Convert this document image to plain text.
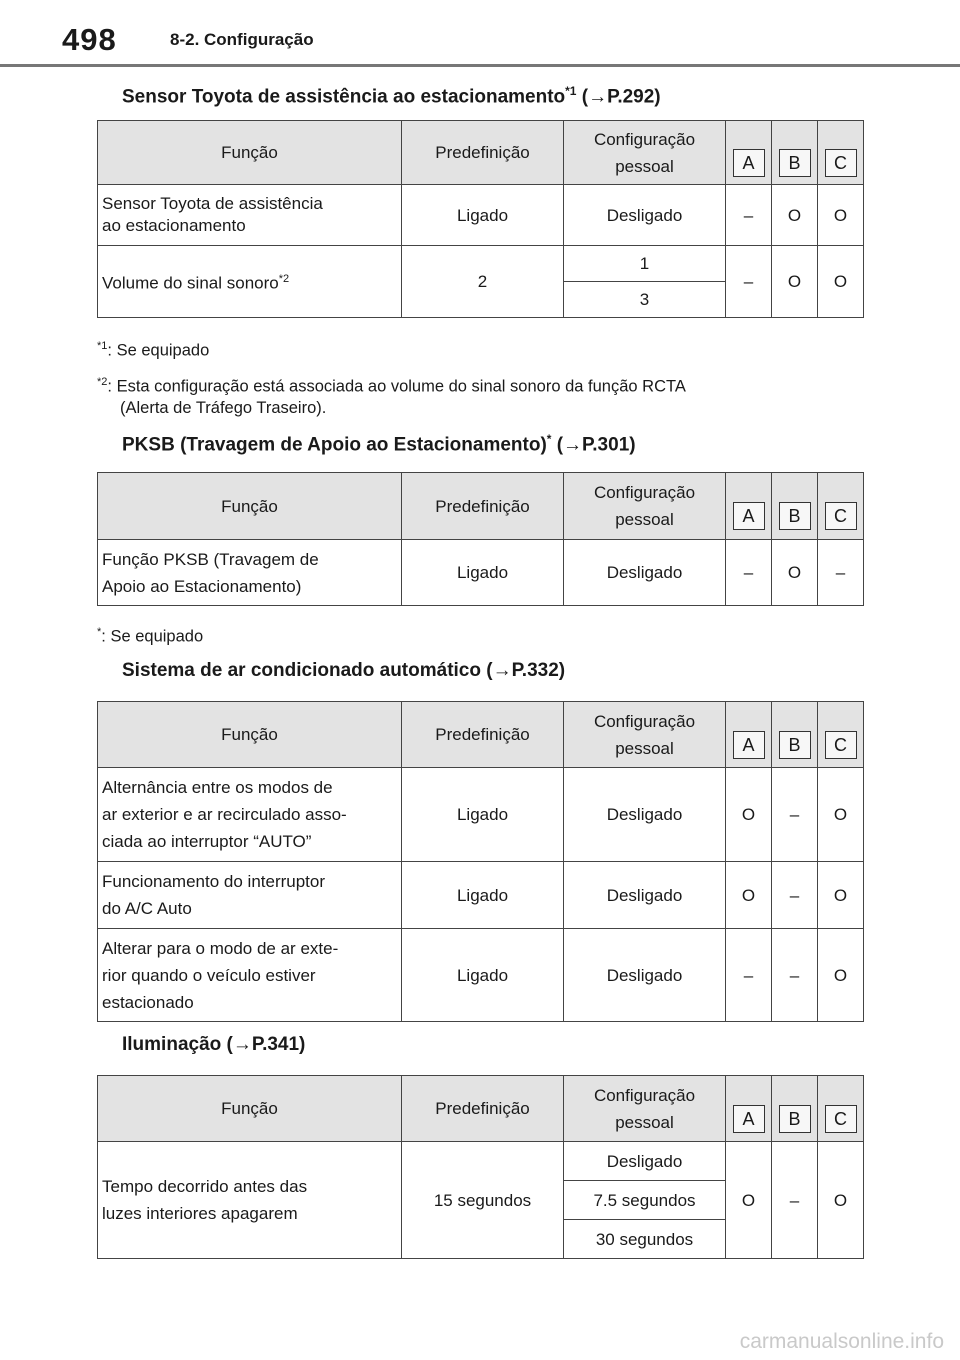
498	8-2. Configuração
Sensor Toyota de assistência ao estacionamento$^{*1}$ (→P.292)
Função	Predefinição	Configuração
pessoal	A	B	C
Sensor Toyota de assistência
ao estacionamento	Ligado	Desligado	–	O	O
Volume do sinal sonoro$^{*2}$	2	1	–	O	O
		3			
$^{*1}$: Se equipado
$^{*2}$: Esta configuração está associada ao volume do sinal sonoro da função RCTA
(Alerta de Tráfego Traseiro).
PKSB (Travagem de Apoio ao Estacionamento)* (→P.301)
Função	Predefinição	Configuração
pessoal	A	B	C
Função PKSB (Travagem de
Apoio ao Estacionamento)	Ligado	Desligado	–	O	–
*: Se equipado
Sistema de ar condicionado automático (→P.332)
Função	Predefinição	Configuração
pessoal	A	B	C
Alternância entre os modos de
ar exterior e ar recirculado asso-
ciada ao interruptor “AUTO”	Ligado	Desligado	O	–	O
Funcionamento do interruptor
do A/C Auto	Ligado	Desligado	O	–	O
Alterar para o modo de ar exte-
rior quando o veículo estiver
estacionado	Ligado	Desligado	–	–	O
Iluminação (→P.341)
Função	Predefinição	Configuração
pessoal	A	B	C
Tempo decorrido antes das
luzes interiores apagarem	15 segundos	Desligado	O	–	O
		7.5 segundos			
		30 segundos			
carmanualsonline.info
